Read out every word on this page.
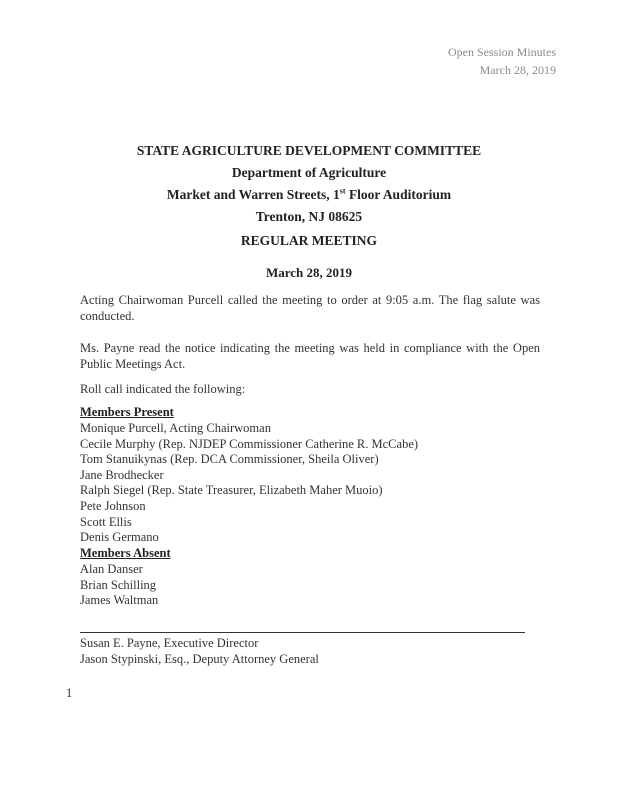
Open Session Minutes
March 28, 2019
STATE AGRICULTURE DEVELOPMENT COMMITTEE
Department of Agriculture
Market and Warren Streets, 1st Floor Auditorium
Trenton, NJ 08625
REGULAR MEETING
March 28, 2019
Acting Chairwoman Purcell called the meeting to order at 9:05 a.m. The flag salute was conducted.
Ms. Payne read the notice indicating the meeting was held in compliance with the Open Public Meetings Act.
Roll call indicated the following:
Members Present
Monique Purcell, Acting Chairwoman
Cecile Murphy (Rep. NJDEP Commissioner Catherine R. McCabe)
Tom Stanuikynas (Rep. DCA Commissioner, Sheila Oliver)
Jane Brodhecker
Ralph Siegel (Rep. State Treasurer, Elizabeth Maher Muoio)
Pete Johnson
Scott Ellis
Denis Germano
Members Absent
Alan Danser
Brian Schilling
James Waltman
Susan E. Payne, Executive Director
Jason Stypinski, Esq., Deputy Attorney General
1
